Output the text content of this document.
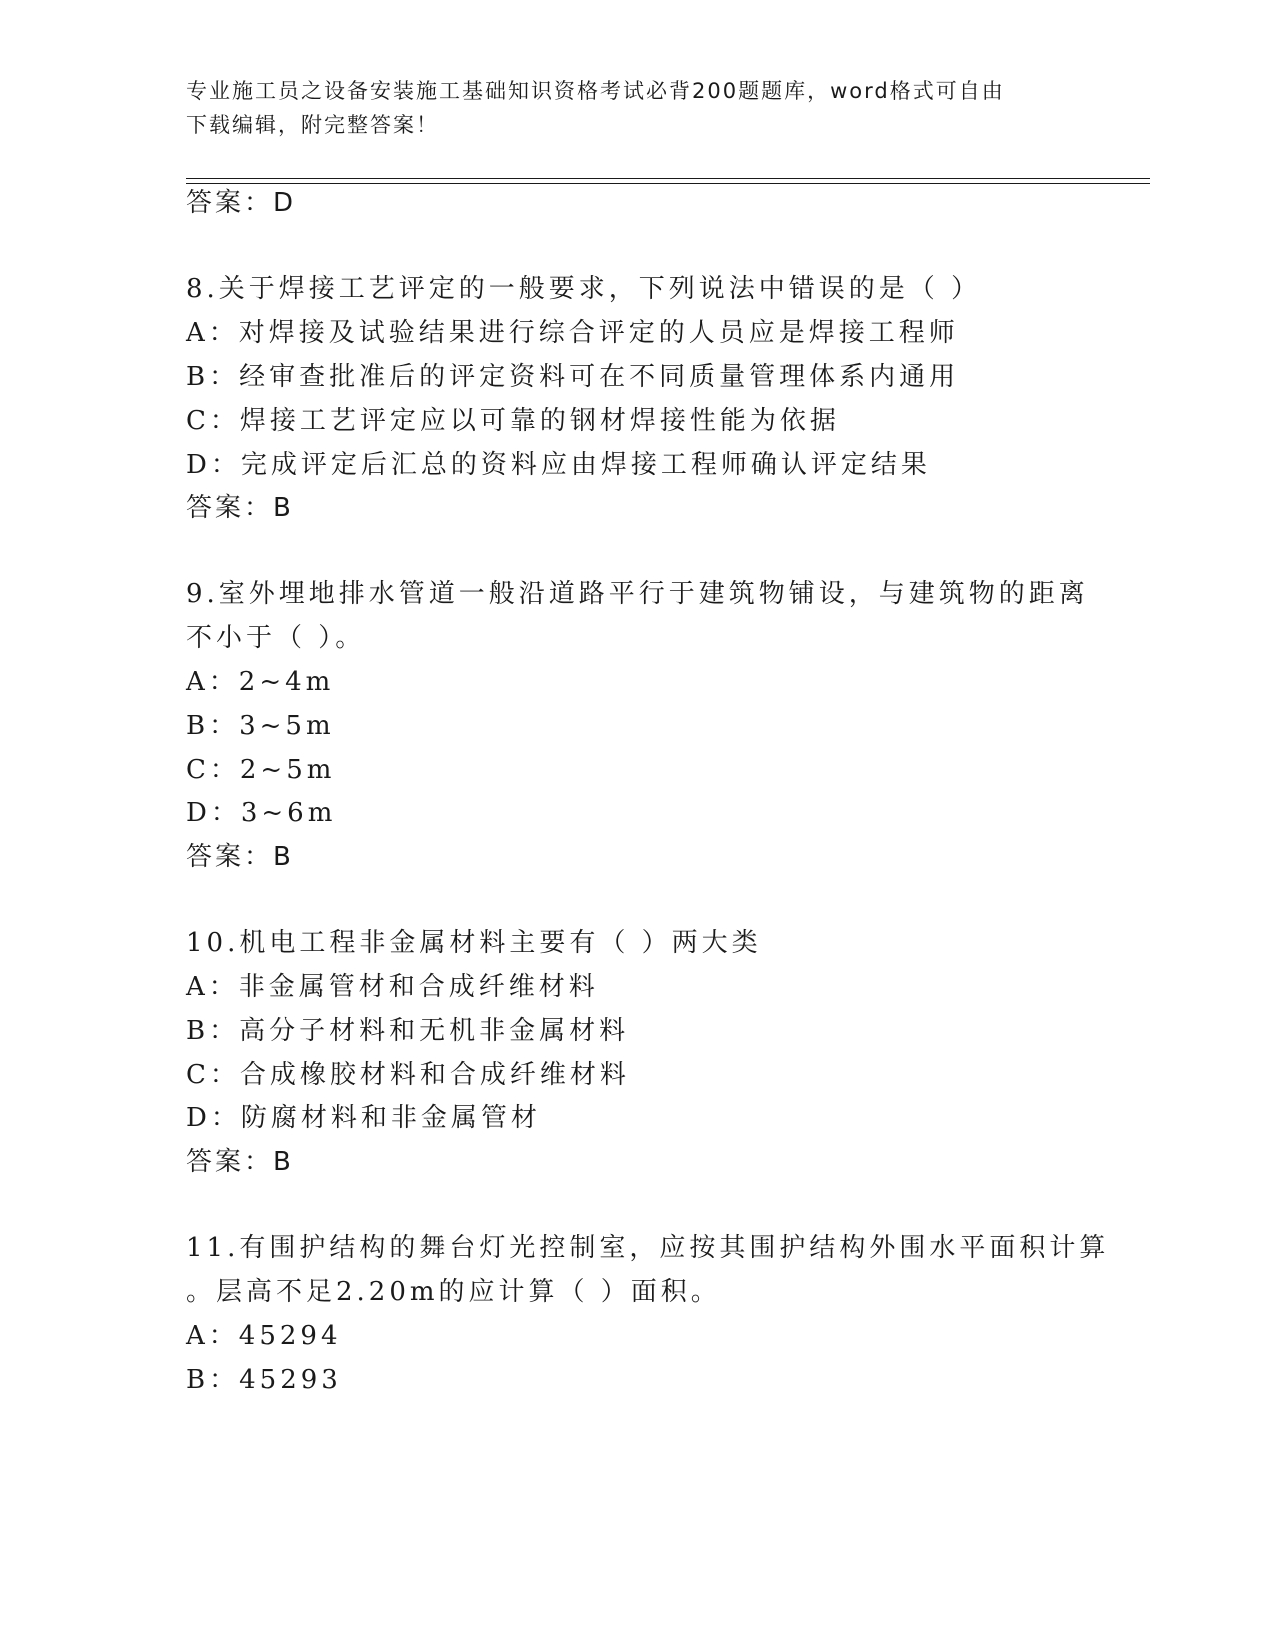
专业施工员之设备安装施工基础知识资格考试必背200题题库，word格式可自由
下载编辑，附完整答案！
答案：D
8.关于焊接工艺评定的一般要求，下列说法中错误的是（ ）
A：对焊接及试验结果进行综合评定的人员应是焊接工程师
B：经审查批准后的评定资料可在不同质量管理体系内通用
C：焊接工艺评定应以可靠的钢材焊接性能为依据
D：完成评定后汇总的资料应由焊接工程师确认评定结果
答案：B
9.室外埋地排水管道一般沿道路平行于建筑物铺设，与建筑物的距离
不小于（ ）。
A：2~4m
B：3~5m
C：2~5m
D：3~6m
答案：B
10.机电工程非金属材料主要有（ ）两大类
A：非金属管材和合成纤维材料
B：高分子材料和无机非金属材料
C：合成橡胶材料和合成纤维材料
D：防腐材料和非金属管材
答案：B
11.有围护结构的舞台灯光控制室，应按其围护结构外围水平面积计算
。层高不足2.20m的应计算（ ）面积。
A：45294
B：45293
